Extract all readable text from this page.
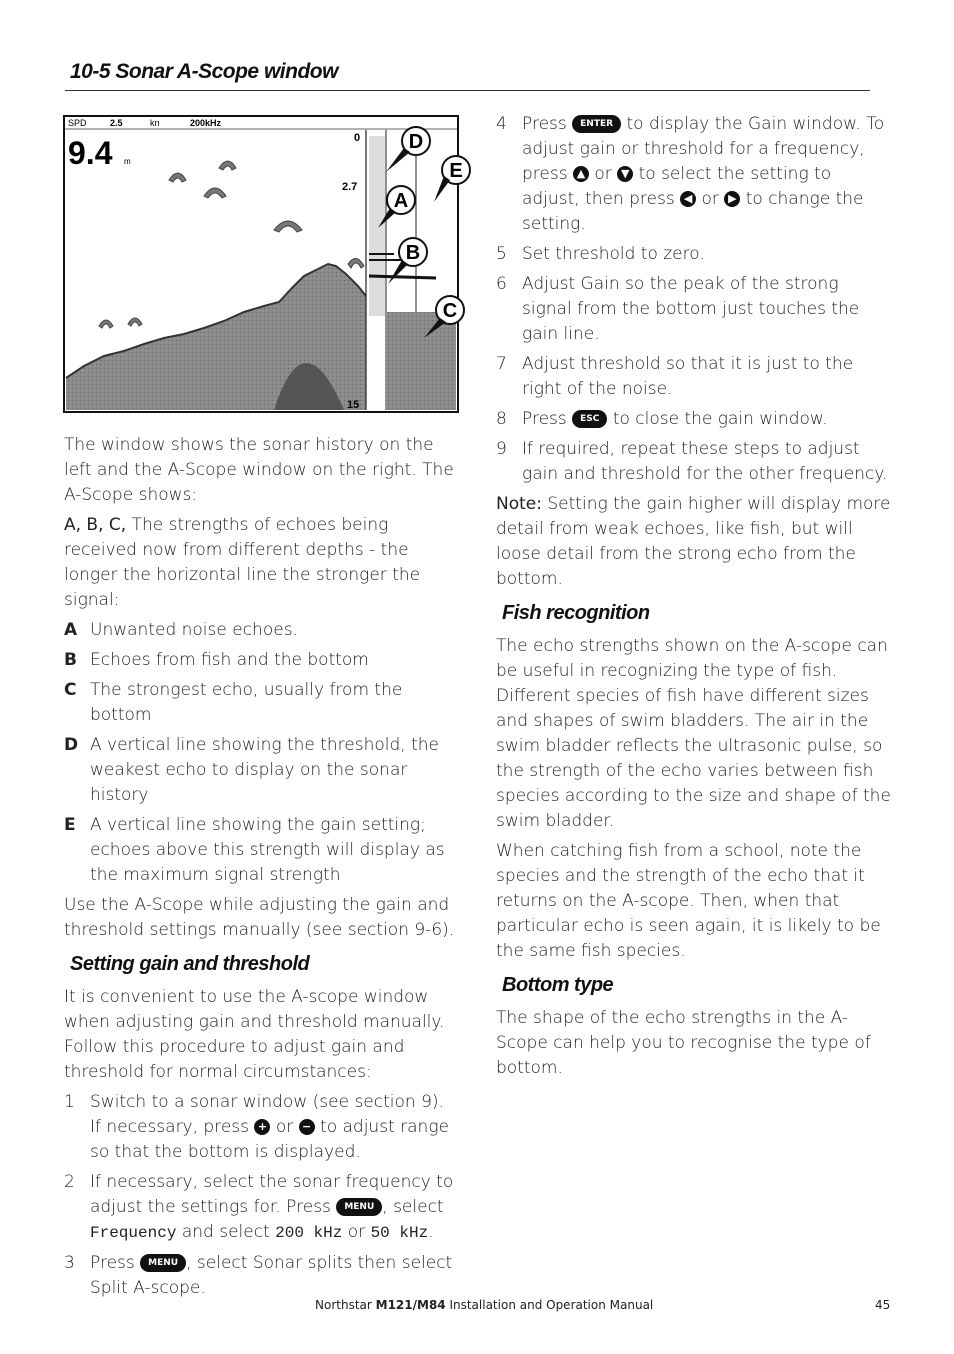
10-5 Sonar A-Scope window
SPD	2.5	kn	200kHz
9.4 m
0
2.7
15
D
E
A
B
C

The window shows the sonar history on the left and the A-Scope window on the right. The A-Scope shows:

A, B, C, The strengths of echoes being received now from different depths - the longer the horizontal line the stronger the signal:

A Unwanted noise echoes.
B Echoes from fish and the bottom
C The strongest echo, usually from the bottom
D A vertical line showing the threshold, the weakest echo to display on the sonar history
E A vertical line showing the gain setting; echoes above this strength will display as the maximum signal strength

Use the A-Scope while adjusting the gain and threshold settings manually (see section 9-6).

Setting gain and threshold

It is convenient to use the A-scope window when adjusting gain and threshold manually. Follow this procedure to adjust gain and threshold for normal circumstances:

1 Switch to a sonar window (see section 9). If necessary, press + or − to adjust range so that the bottom is displayed.
2 If necessary, select the sonar frequency to adjust the settings for. Press MENU , select Frequency and select 200 kHz or 50 kHz.
3 Press MENU , select Sonar splits then select Split A-scope.
4 Press ENTER to display the Gain window. To adjust gain or threshold for a frequency, press ▲ or ▼ to select the setting to adjust, then press ◀ or ▶ to change the setting.
5 Set threshold to zero.
6 Adjust Gain so the peak of the strong signal from the bottom just touches the gain line.
7 Adjust threshold so that it is just to the right of the noise.
8 Press ESC to close the gain window.
9 If required, repeat these steps to adjust gain and threshold for the other frequency.

Note: Setting the gain higher will display more detail from weak echoes, like fish, but will loose detail from the strong echo from the bottom.

Fish recognition

The echo strengths shown on the A-scope can be useful in recognizing the type of fish. Different species of fish have different sizes and shapes of swim bladders. The air in the swim bladder reflects the ultrasonic pulse, so the strength of the echo varies between fish species according to the size and shape of the swim bladder.

When catching fish from a school, note the species and the strength of the echo that it returns on the A-scope. Then, when that particular echo is seen again, it is likely to be the same fish species.

Bottom type

The shape of the echo strengths in the A-Scope can help you to recognise the type of bottom.

Northstar M121/M84 Installation and Operation Manual	45
